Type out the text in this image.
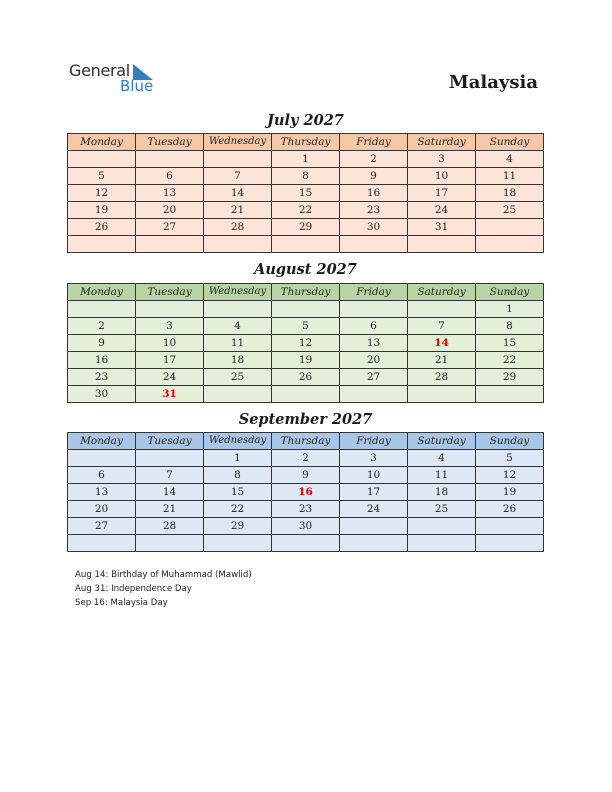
General
Blue	Malaysia
July 2027
Monday	Tuesday	Wednesday	Thursday	Friday	Saturday	Sunday
			1	2	3	4
5	6	7	8	9	10	11
12	13	14	15	16	17	18
19	20	21	22	23	24	25
26	27	28	29	30	31	

August 2027
Monday	Tuesday	Wednesday	Thursday	Friday	Saturday	Sunday
						1
2	3	4	5	6	7	8
9	10	11	12	13	14	15
16	17	18	19	20	21	22
23	24	25	26	27	28	29
30	31					
September 2027
Monday	Tuesday	Wednesday	Thursday	Friday	Saturday	Sunday
		1	2	3	4	5
6	7	8	9	10	11	12
13	14	15	16	17	18	19
20	21	22	23	24	25	26
27	28	29	30			

Aug 14: Birthday of Muhammad (Mawlid)
Aug 31: Independence Day
Sep 16: Malaysia Day
